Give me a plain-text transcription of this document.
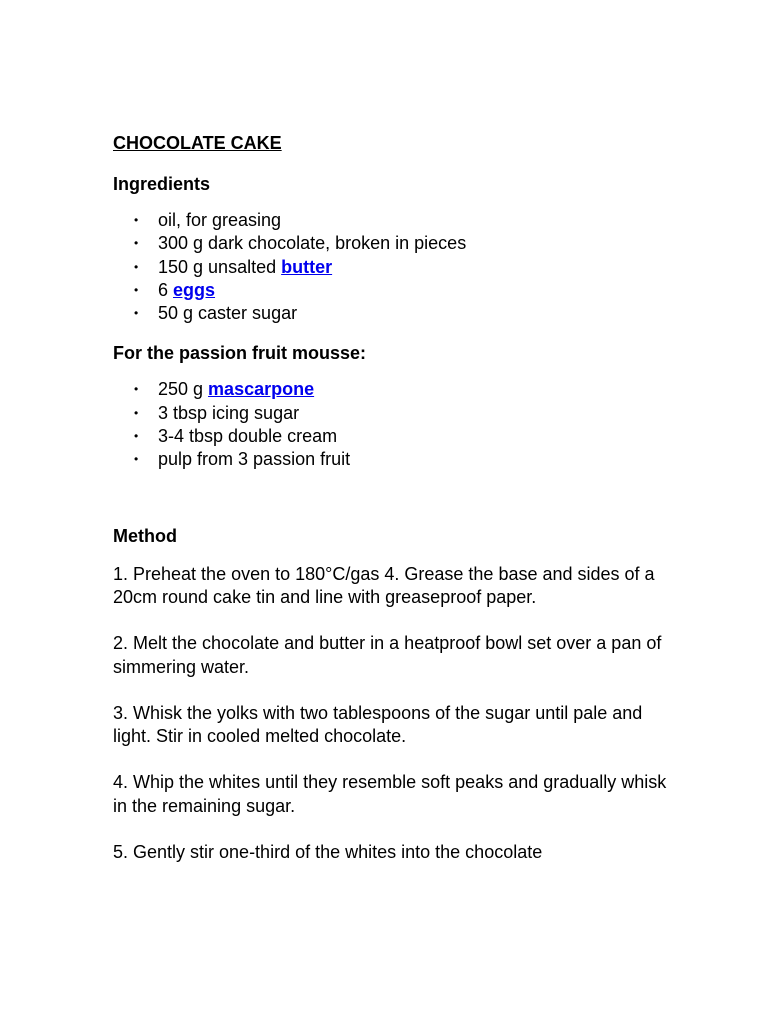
CHOCOLATE CAKE

Ingredients

• oil, for greasing
• 300 g dark chocolate, broken in pieces
• 150 g unsalted butter
• 6 eggs
• 50 g caster sugar

For the passion fruit mousse:

• 250 g mascarpone
• 3 tbsp icing sugar
• 3-4 tbsp double cream
• pulp from 3 passion fruit

Method

1. Preheat the oven to 180°C/gas 4. Grease the base and sides of a 20cm round cake tin and line with greaseproof paper.

2. Melt the chocolate and butter in a heatproof bowl set over a pan of simmering water.

3. Whisk the yolks with two tablespoons of the sugar until pale and light. Stir in cooled melted chocolate.

4. Whip the whites until they resemble soft peaks and gradually whisk in the remaining sugar.

5. Gently stir one-third of the whites into the chocolate
